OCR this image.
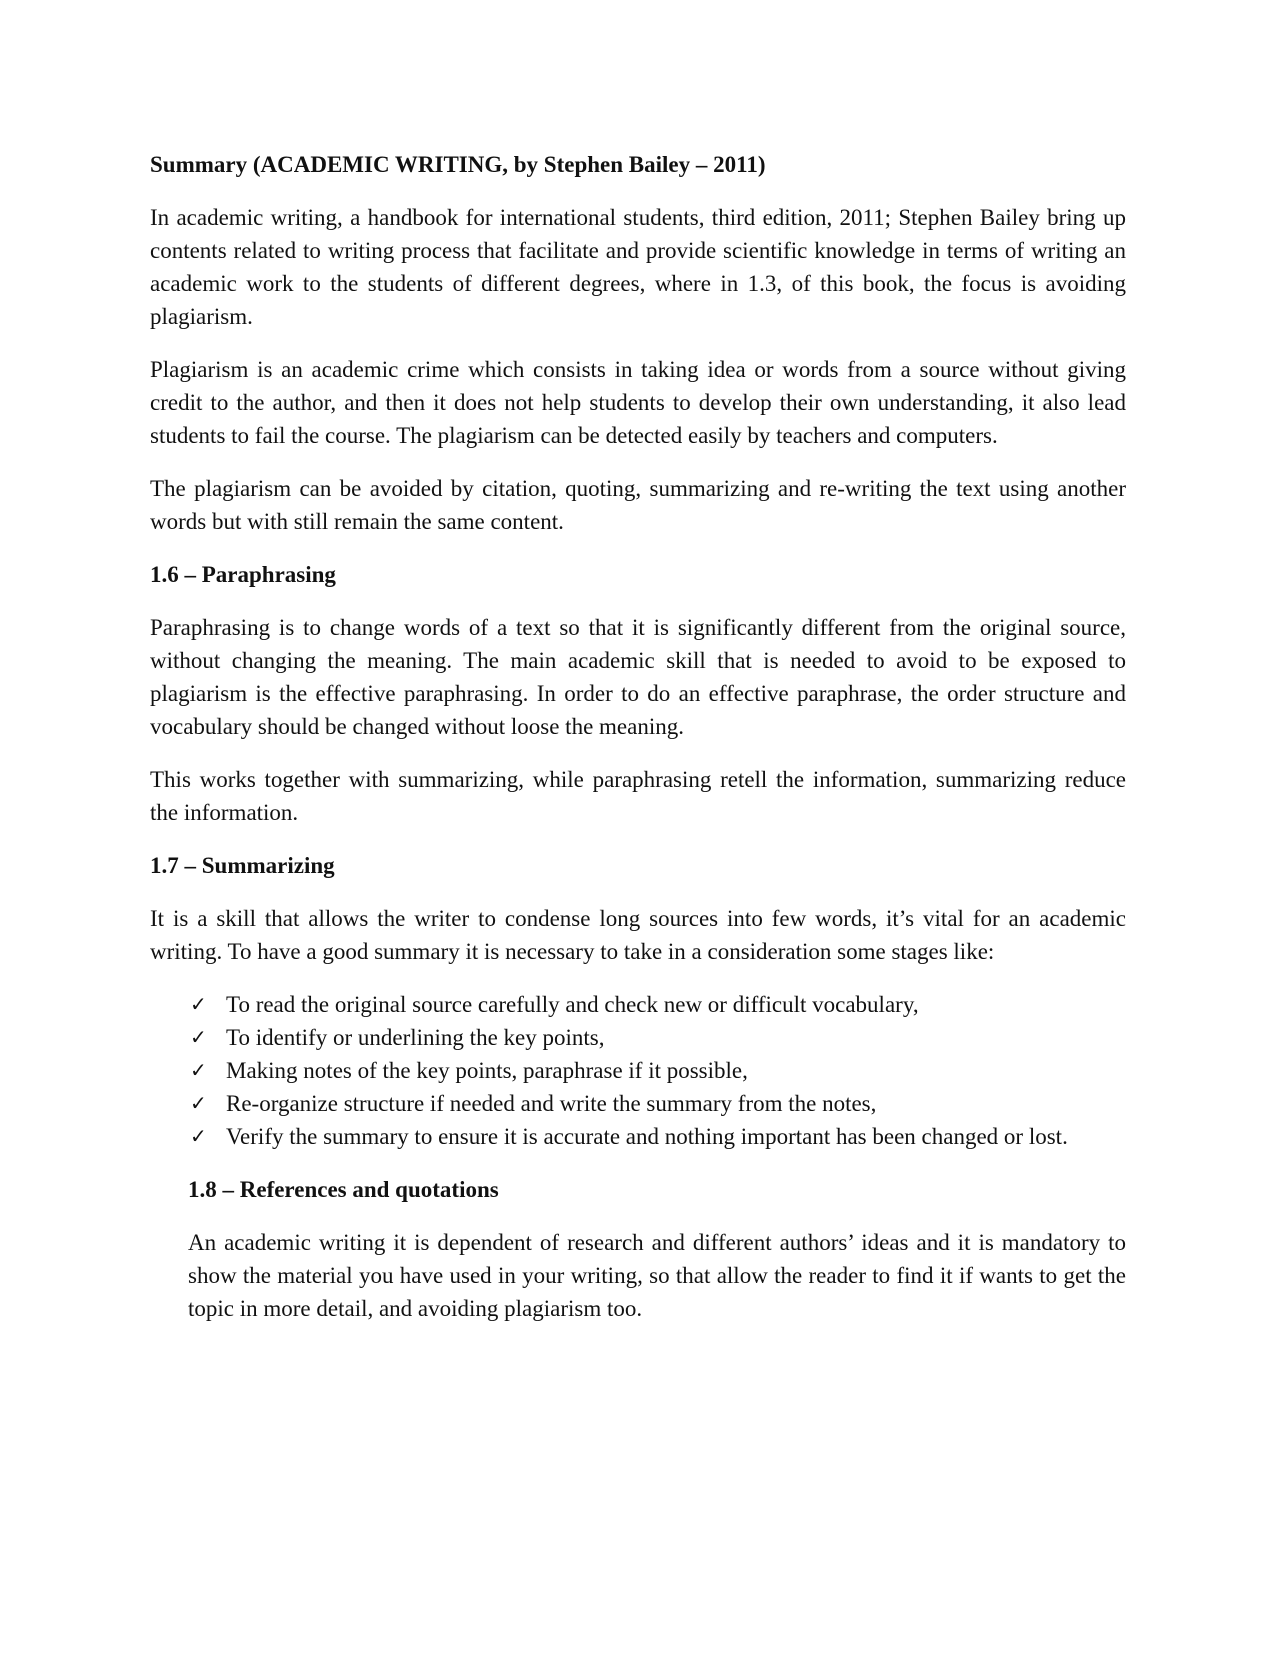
Summary (ACADEMIC WRITING, by Stephen Bailey – 2011)

In academic writing, a handbook for international students, third edition, 2011; Stephen Bailey bring up contents related to writing process that facilitate and provide scientific knowledge in terms of writing an academic work to the students of different degrees, where in 1.3, of this book, the focus is avoiding plagiarism.

Plagiarism is an academic crime which consists in taking idea or words from a source without giving credit to the author, and then it does not help students to develop their own understanding, it also lead students to fail the course. The plagiarism can be detected easily by teachers and computers.

The plagiarism can be avoided by citation, quoting, summarizing and re-writing the text using another words but with still remain the same content.

1.6 – Paraphrasing

Paraphrasing is to change words of a text so that it is significantly different from the original source, without changing the meaning. The main academic skill that is needed to avoid to be exposed to plagiarism is the effective paraphrasing. In order to do an effective paraphrase, the order structure and vocabulary should be changed without loose the meaning.

This works together with summarizing, while paraphrasing retell the information, summarizing reduce the information.

1.7 – Summarizing

It is a skill that allows the writer to condense long sources into few words, it’s vital for an academic writing. To have a good summary it is necessary to take in a consideration some stages like:

✓ To read the original source carefully and check new or difficult vocabulary,
✓ To identify or underlining the key points,
✓ Making notes of the key points, paraphrase if it possible,
✓ Re-organize structure if needed and write the summary from the notes,
✓ Verify the summary to ensure it is accurate and nothing important has been changed or lost.
1.8 – References and quotations

An academic writing it is dependent of research and different authors’ ideas and it is mandatory to show the material you have used in your writing, so that allow the reader to find it if wants to get the topic in more detail, and avoiding plagiarism too.
